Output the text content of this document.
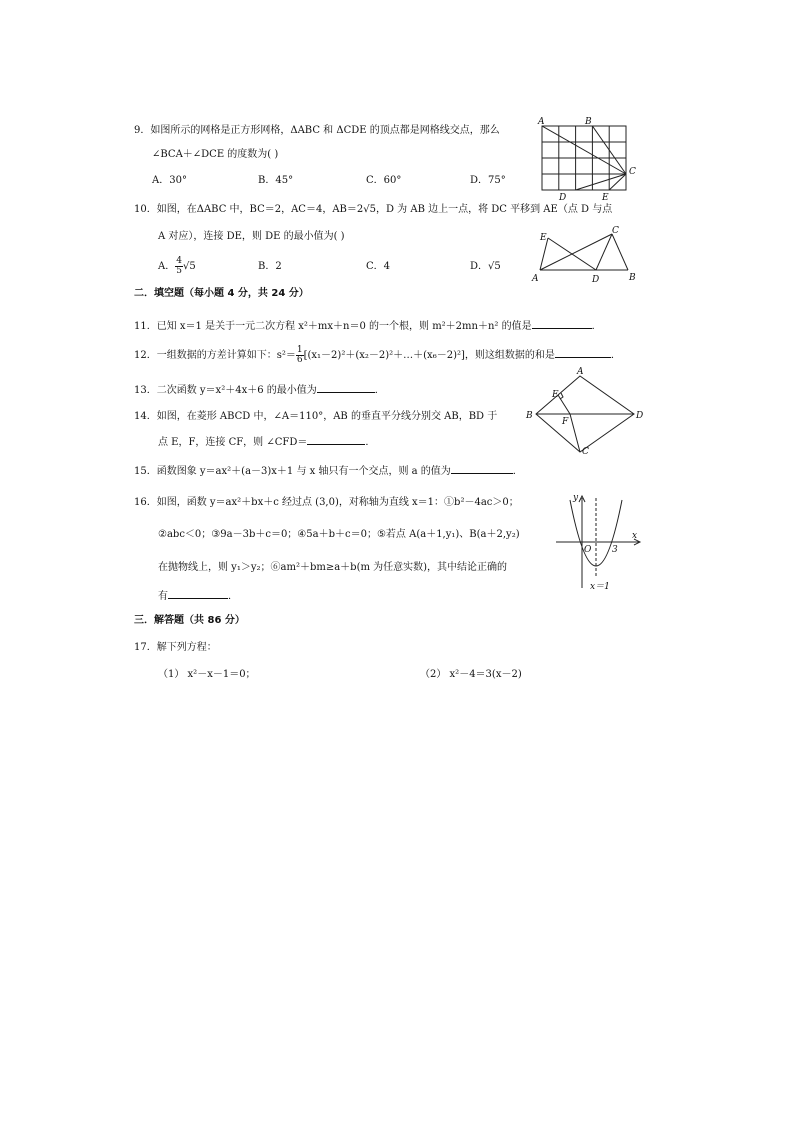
9．如图所示的网格是正方形网格，ΔABC 和 ΔCDE 的顶点都是网格线交点，那么
∠BCA＋∠DCE 的度数为( )
A．30°	B．45°	C．60°	D．75°
A	B
C
D	E
10．如图，在ΔABC 中，BC＝2，AC＝4，AB＝2√5，D 为 AB 边上一点，将 DC 平移到 AE（点 D 与点
A 对应），连接 DE，则 DE 的最小值为( )
A． $\frac{4}{5} √5$	B．2	C．4	D．√5
E
C
A	D	B
二．填空题（每小题 4 分，共 24 分）
11．已知 x＝1 是关于一元二次方程 x²＋mx＋n＝0 的一个根，则 m²＋2mn＋n² 的值是	．
12．一组数据的方差计算如下：$s^2= \frac{1}{6}$ [(x₁－2)²＋(x₂－2)²＋…＋(x₆－2)²]，则这组数据的和是	．
13．二次函数 y＝x²＋4x＋6 的最小值为	．
14．如图，在菱形 ABCD 中，∠A＝110°，AB 的垂直平分线分别交 AB，BD 于
点 E，F，连接 CF，则 ∠CFD＝	．
A
E
B
F
D
C
15．函数图象 y＝ax²＋(a－3)x＋1 与 x 轴只有一个交点，则 a 的值为	．
16．如图，函数 y＝ax²＋bx＋c 经过点 (3,0)，对称轴为直线 x＝1：①b²－4ac＞0；
②abc＜0；③9a－3b＋c＝0；④5a＋b＋c＝0；⑤若点 A(a＋1,y₁)、B(a＋2,y₂)
在抛物线上，则 y₁＞y₂；⑥am²＋bm≥a＋b(m 为任意实数)，其中结论正确的
有	．
y
O 3
x
x＝1
三．解答题（共 86 分）
17．解下列方程：
（1） x²－x－1＝0；	（2） x²－4＝3(x－2)
